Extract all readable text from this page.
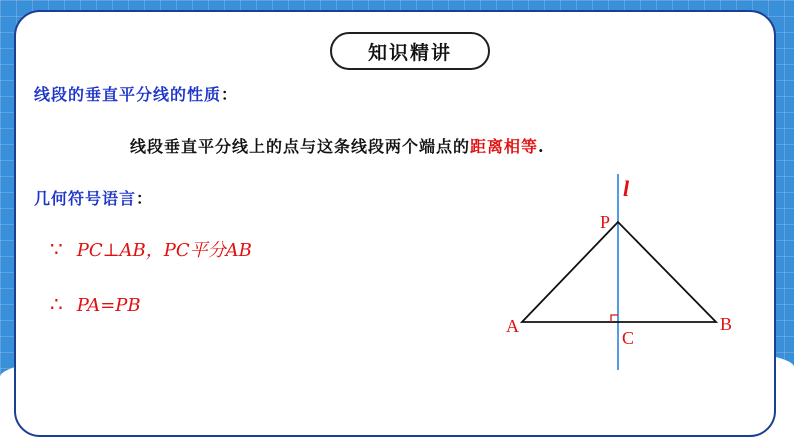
知识精讲
线段的垂直平分线的性质：
线段垂直平分线上的点与这条线段两个端点的距离相等.
几何符号语言：
∵ PC⊥AB，PC平分AB
∴ PA=PB
l
P
A	B
C
